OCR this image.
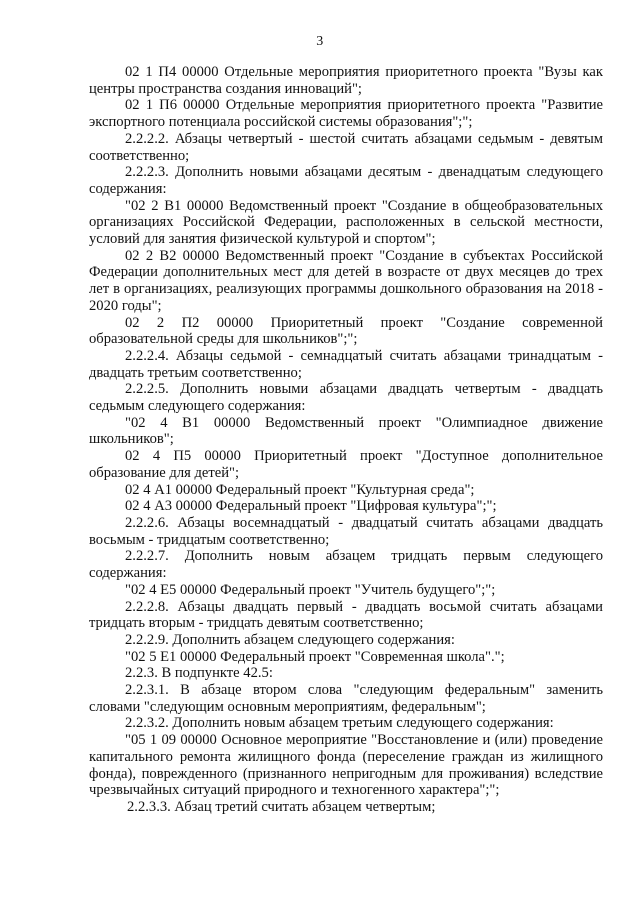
3

02 1 П4 00000 Отдельные мероприятия приоритетного проекта "Вузы как центры пространства создания инноваций";

02 1 П6 00000 Отдельные мероприятия приоритетного проекта "Развитие экспортного потенциала российской системы образования";";

2.2.2.2. Абзацы четвертый - шестой считать абзацами седьмым - девятым соответственно;

2.2.2.3. Дополнить новыми абзацами десятым - двенадцатым следующего содержания:

"02 2 В1 00000 Ведомственный проект "Создание в общеобразовательных организациях Российской Федерации, расположенных в сельской местности, условий для занятия физической культурой и спортом";

02 2 В2 00000 Ведомственный проект "Создание в субъектах Российской Федерации дополнительных мест для детей в возрасте от двух месяцев до трех лет в организациях, реализующих программы дошкольного образования на 2018 - 2020 годы";

02 2 П2 00000 Приоритетный проект "Создание современной образовательной среды для школьников";";

2.2.2.4. Абзацы седьмой - семнадцатый считать абзацами тринадцатым - двадцать третьим соответственно;

2.2.2.5. Дополнить новыми абзацами двадцать четвертым - двадцать седьмым следующего содержания:

"02 4 В1 00000 Ведомственный проект "Олимпиадное движение школьников";

02 4 П5 00000 Приоритетный проект "Доступное дополнительное образование для детей";

02 4 А1 00000 Федеральный проект "Культурная среда";

02 4 А3 00000 Федеральный проект "Цифровая культура";";

2.2.2.6. Абзацы восемнадцатый - двадцатый считать абзацами двадцать восьмым - тридцатым соответственно;

2.2.2.7. Дополнить новым абзацем тридцать первым следующего содержания:

"02 4 Е5 00000 Федеральный проект "Учитель будущего";";

2.2.2.8. Абзацы двадцать первый - двадцать восьмой считать абзацами тридцать вторым - тридцать девятым соответственно;

2.2.2.9. Дополнить абзацем следующего содержания:

"02 5 Е1 00000 Федеральный проект "Современная школа".";

2.2.3. В подпункте 42.5:

2.2.3.1. В абзаце втором слова "следующим федеральным" заменить словами "следующим основным мероприятиям, федеральным";

2.2.3.2. Дополнить новым абзацем третьим следующего содержания:

"05 1 09 00000 Основное мероприятие "Восстановление и (или) проведение капитального ремонта жилищного фонда (переселение граждан из жилищного фонда), поврежденного (признанного непригодным для проживания) вследствие чрезвычайных ситуаций природного и техногенного характера";";

2.2.3.3. Абзац третий считать абзацем четвертым;
